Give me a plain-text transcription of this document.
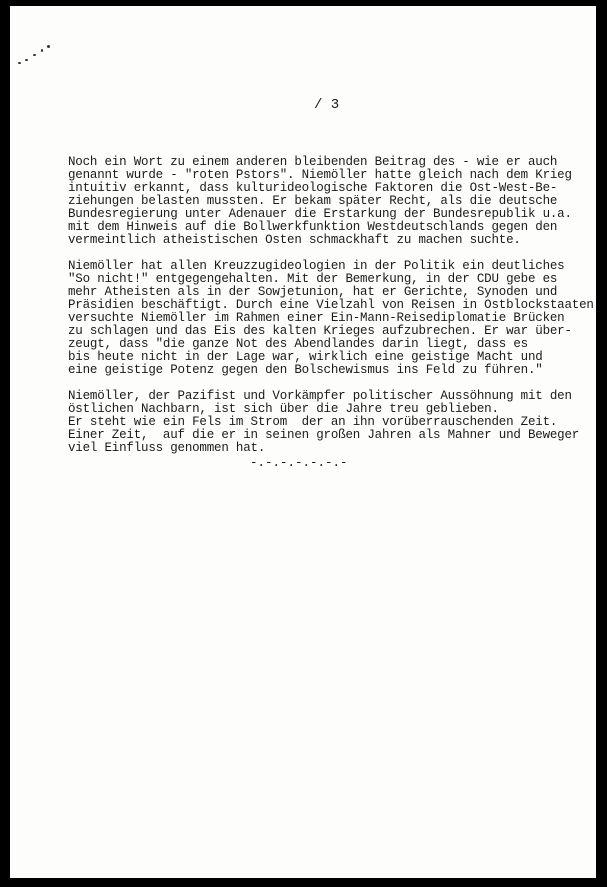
/ 3
Noch ein Wort zu einem anderen bleibenden Beitrag des - wie er auch
genannt wurde - "roten Pstors". Niemöller hatte gleich nach dem Krieg
intuitiv erkannt, dass kulturideologische Faktoren die Ost-West-Be-
ziehungen belasten mussten. Er bekam später Recht, als die deutsche
Bundesregierung unter Adenauer die Erstarkung der Bundesrepublik u.a.
mit dem Hinweis auf die Bollwerkfunktion Westdeutschlands gegen den
vermeintlich atheistischen Osten schmackhaft zu machen suchte.
Niemöller hat allen Kreuzzugideologien in der Politik ein deutliches
"So nicht!" entgegengehalten. Mit der Bemerkung, in der CDU gebe es
mehr Atheisten als in der Sowjetunion, hat er Gerichte, Synoden und
Präsidien beschäftigt. Durch eine Vielzahl von Reisen in Ostblockstaaten
versuchte Niemöller im Rahmen einer Ein-Mann-Reisediplomatie Brücken
zu schlagen und das Eis des kalten Krieges aufzubrechen. Er war über-
zeugt, dass "die ganze Not des Abendlandes darin liegt, dass es
bis heute nicht in der Lage war, wirklich eine geistige Macht und
eine geistige Potenz gegen den Bolschewismus ins Feld zu führen."
Niemöller, der Pazifist und Vorkämpfer politischer Aussöhnung mit den
östlichen Nachbarn, ist sich über die Jahre treu geblieben.
Er steht wie ein Fels im Strom  der an ihn vorüberrauschenden Zeit.
Einer Zeit,  auf die er in seinen großen Jahren als Mahner und Beweger
viel Einfluss genommen hat.
-.-.-.-.-.-.-
